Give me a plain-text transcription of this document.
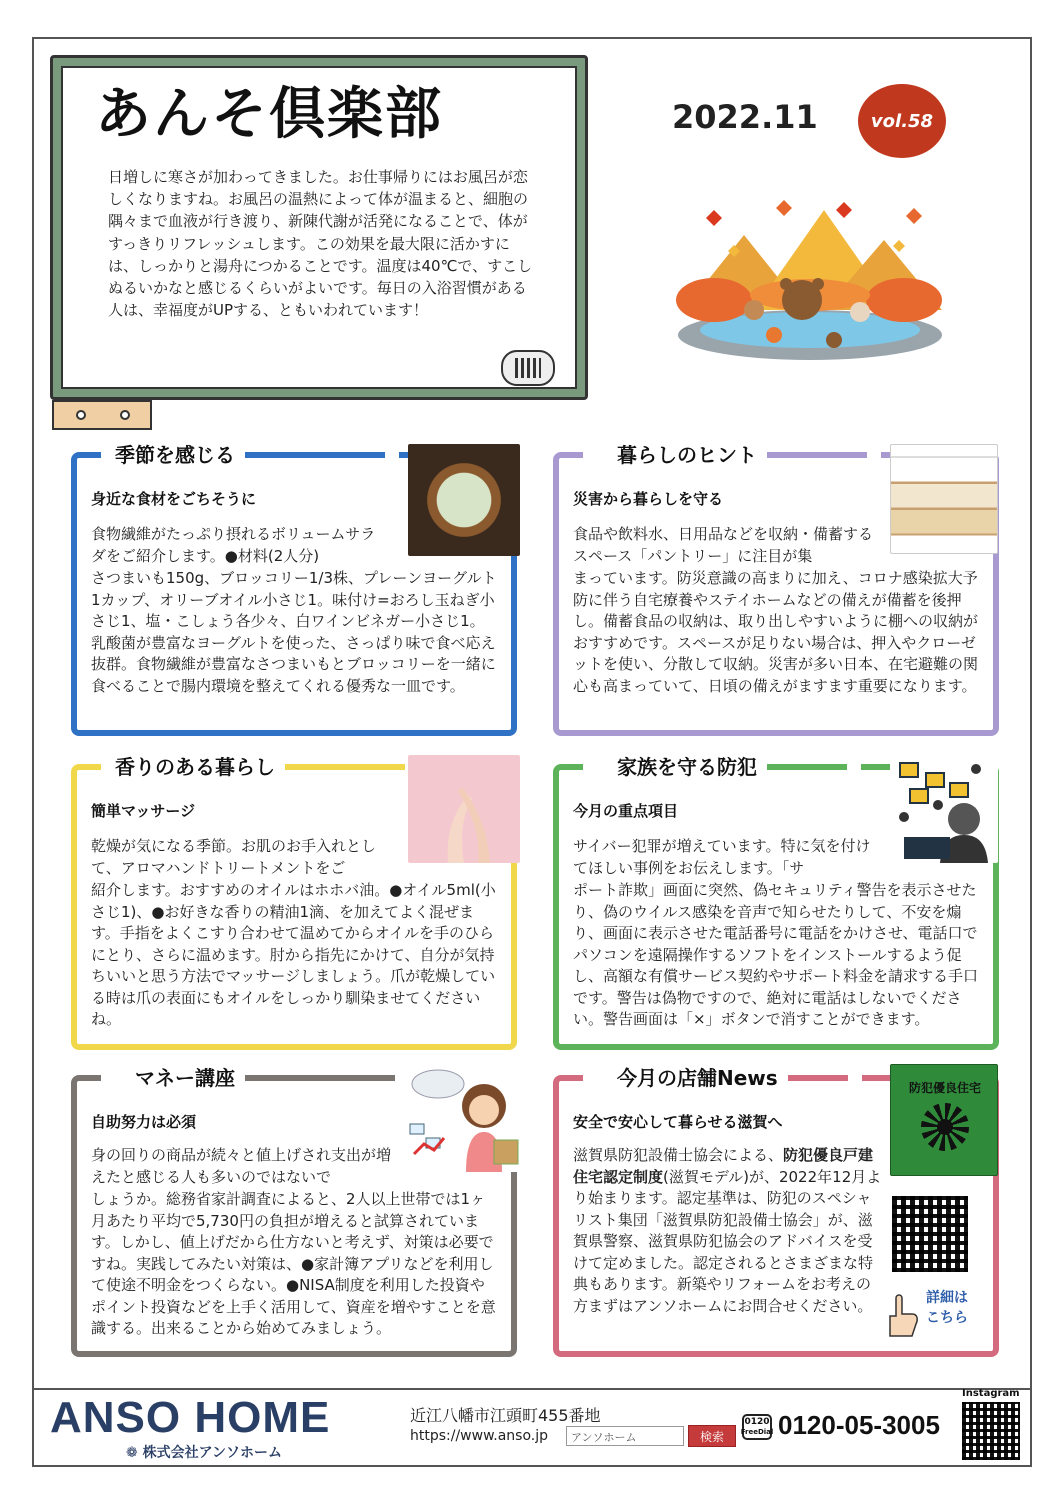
あんそ倶楽部
日増しに寒さが加わってきました。お仕事帰りにはお風呂が恋しくなりますね。お風呂の温熱によって体が温まると、細胞の隅々まで血液が行き渡り、新陳代謝が活発になることで、体がすっきりリフレッシュします。この効果を最大限に活かすには、しっかりと湯舟につかることです。温度は40℃で、すこしぬるいかなと感じるくらいがよいです。毎日の入浴習慣がある人は、幸福度がUPする、ともいわれています！
2022.11	vol.58
季節を感じる
身近な食材をごちそうに
食物繊維がたっぷり摂れるボリュームサラダをご紹介します。●材料(2人分)
さつまいも150g、ブロッコリー1/3株、プレーンヨーグルト1カップ、オリーブオイル小さじ1。味付け=おろし玉ねぎ小さじ1、塩・こしょう各少々、白ワインビネガー小さじ1。乳酸菌が豊富なヨーグルトを使った、さっぱり味で食べ応え抜群。食物繊維が豊富なさつまいもとブロッコリーを一緒に食べることで腸内環境を整えてくれる優秀な一皿です。
暮らしのヒント
災害から暮らしを守る
食品や飲料水、日用品などを収納・備蓄するスペース「パントリー」に注目が集
まっています。防災意識の高まりに加え、コロナ感染拡大予防に伴う自宅療養やステイホームなどの備えが備蓄を後押し。備蓄食品の収納は、取り出しやすいように棚への収納がおすすめです。スペースが足りない場合は、押入やクローゼットを使い、分散して収納。災害が多い日本、在宅避難の関心も高まっていて、日頃の備えがますます重要になります。
香りのある暮らし
簡単マッサージ
乾燥が気になる季節。お肌のお手入れとして、アロマハンドトリートメントをご
紹介します。おすすめのオイルはホホバ油。●オイル5ml(小さじ1)、●お好きな香りの精油1滴、を加えてよく混ぜます。手指をよくこすり合わせて温めてからオイルを手のひらにとり、さらに温めます。肘から指先にかけて、自分が気持ちいいと思う方法でマッサージしましょう。爪が乾燥している時は爪の表面にもオイルをしっかり馴染ませてくださいね。
家族を守る防犯
今月の重点項目
サイバー犯罪が増えています。特に気を付けてほしい事例をお伝えします。「サ
ポート詐欺」画面に突然、偽セキュリティ警告を表示させたり、偽のウイルス感染を音声で知らせたりして、不安を煽り、画面に表示させた電話番号に電話をかけさせ、電話口でパソコンを遠隔操作するソフトをインストールするよう促し、高額な有償サービス契約やサポート料金を請求する手口です。警告は偽物ですので、絶対に電話はしないでください。警告画面は「×」ボタンで消すことができます。
マネー講座
自助努力は必須
身の回りの商品が続々と値上げされ支出が増えたと感じる人も多いのではないで
しょうか。総務省家計調査によると、2人以上世帯では1ヶ月あたり平均で5,730円の負担が増えると試算されています。しかし、値上げだから仕方ないと考えず、対策は必要ですね。実践してみたい対策は、●家計簿アプリなどを利用して使途不明金をつくらない。●NISA制度を利用した投資やポイント投資などを上手く活用して、資産を増やすことを意識する。出来ることから始めてみましょう。
今月の店舗News
安全で安心して暮らせる滋賀へ
滋賀県防犯設備士協会による、防犯優良戸建住宅認定制度(滋賀モデル)が、2022年12月より始まります。認定基準は、防犯のスペシャリスト集団「滋賀県防犯設備士協会」が、滋賀県警察、滋賀県防犯協会のアドバイスを受けて定めました。認定されるとさまざまな特典もあります。新築やリフォームをお考えの方まずはアンソホームにお問合せください。
防犯優良住宅
詳細はこちら
ANSO HOME
❁ 株式会社アンソホーム
近江八幡市江頭町455番地
https://www.anso.jp	アンソホーム	検索
0120
FreeDial 0120-05-3005
Instagram
